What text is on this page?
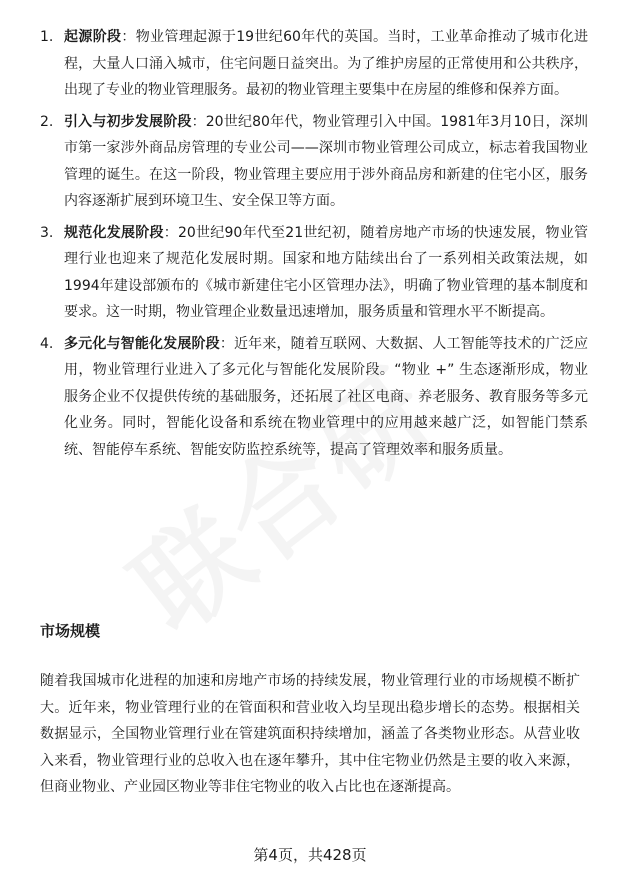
1. 起源阶段：物业管理起源于19世纪60年代的英国。当时，工业革命推动了城市化进程，大量人口涌入城市，住宅问题日益突出。为了维护房屋的正常使用和公共秩序，出现了专业的物业管理服务。最初的物业管理主要集中在房屋的维修和保养方面。
2. 引入与初步发展阶段：20世纪80年代，物业管理引入中国。1981年3月10日，深圳市第一家涉外商品房管理的专业公司——深圳市物业管理公司成立，标志着我国物业管理的诞生。在这一阶段，物业管理主要应用于涉外商品房和新建的住宅小区，服务内容逐渐扩展到环境卫生、安全保卫等方面。
3. 规范化发展阶段：20世纪90年代至21世纪初，随着房地产市场的快速发展，物业管理行业也迎来了规范化发展时期。国家和地方陆续出台了一系列相关政策法规，如1994年建设部颁布的《城市新建住宅小区管理办法》，明确了物业管理的基本制度和要求。这一时期，物业管理企业数量迅速增加，服务质量和管理水平不断提高。
4. 多元化与智能化发展阶段：近年来，随着互联网、大数据、人工智能等技术的广泛应用，物业管理行业进入了多元化与智能化发展阶段。“物业 +” 生态逐渐形成，物业服务企业不仅提供传统的基础服务，还拓展了社区电商、养老服务、教育服务等多元化业务。同时，智能化设备和系统在物业管理中的应用越来越广泛，如智能门禁系统、智能停车系统、智能安防监控系统等，提高了管理效率和服务质量。
市场规模
随着我国城市化进程的加速和房地产市场的持续发展，物业管理行业的市场规模不断扩大。近年来，物业管理行业的在管面积和营业收入均呈现出稳步增长的态势。根据相关数据显示，全国物业管理行业在管建筑面积持续增加，涵盖了各类物业形态。从营业收入来看，物业管理行业的总收入也在逐年攀升，其中住宅物业仍然是主要的收入来源，但商业物业、产业园区物业等非住宅物业的收入占比也在逐渐提高。
第4页，共428页
